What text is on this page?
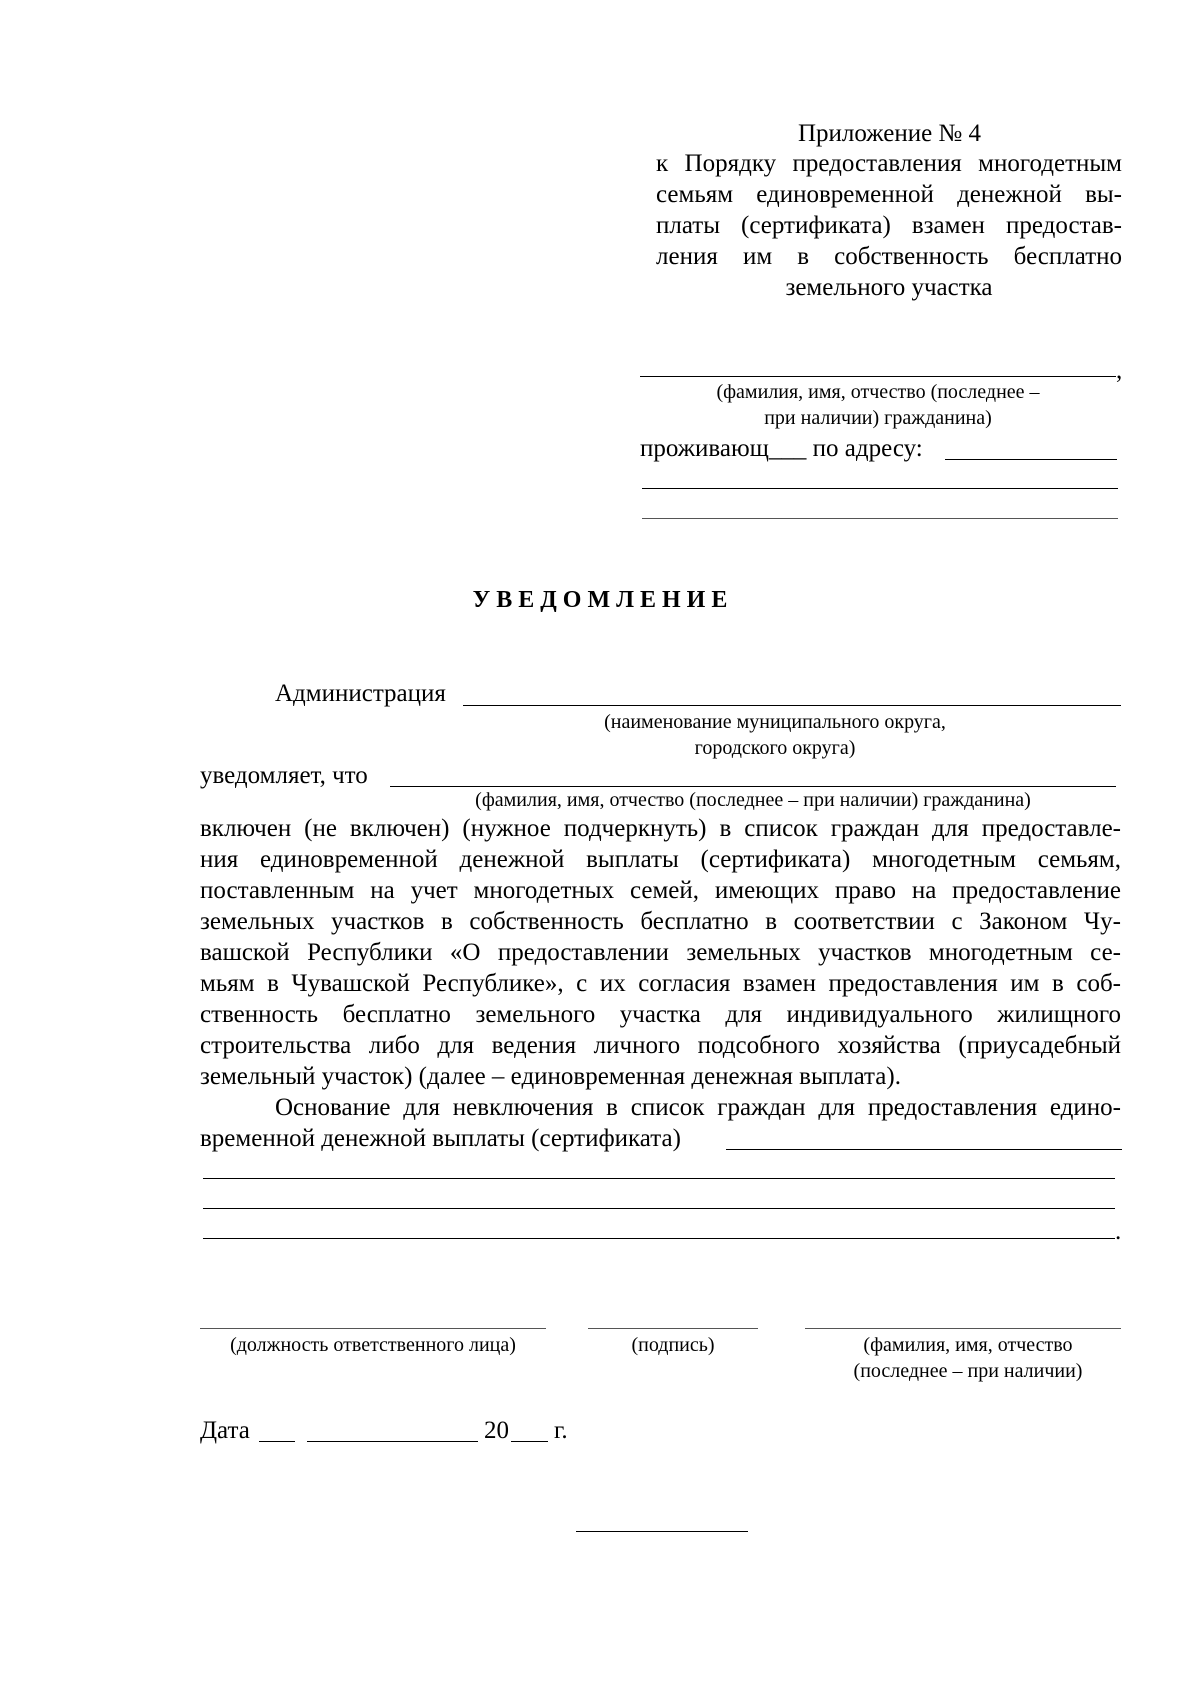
Приложение № 4
к Порядку предоставления многодетным
семьям единовременной денежной вы-
платы (сертификата) взамен предостав-
ления им в собственность бесплатно
земельного участка
,
(фамилия, имя, отчество (последнее –
при наличии) гражданина)
проживающ___ по адресу:
У В Е Д О М Л Е Н И Е
Администрация
(наименование муниципального округа,
городского округа)
уведомляет, что
(фамилия, имя, отчество (последнее – при наличии) гражданина)
включен (не включен) (нужное подчеркнуть) в список граждан для предоставле-
ния единовременной денежной выплаты (сертификата) многодетным семьям,
поставленным на учет многодетных семей, имеющих право на предоставление
земельных участков в собственность бесплатно в соответствии с Законом Чу-
вашской Республики «О предоставлении земельных участков многодетным се-
мьям в Чувашской Республике», с их согласия взамен предоставления им в соб-
ственность бесплатно земельного участка для индивидуального жилищного
строительства либо для ведения личного подсобного хозяйства (приусадебный
земельный участок) (далее – единовременная денежная выплата).
Основание для невключения в список граждан для предоставления едино-
временной денежной выплаты (сертификата)
.
(должность ответственного лица)	(подпись)	(фамилия, имя, отчество
(последнее – при наличии)
Дата	20 г.
